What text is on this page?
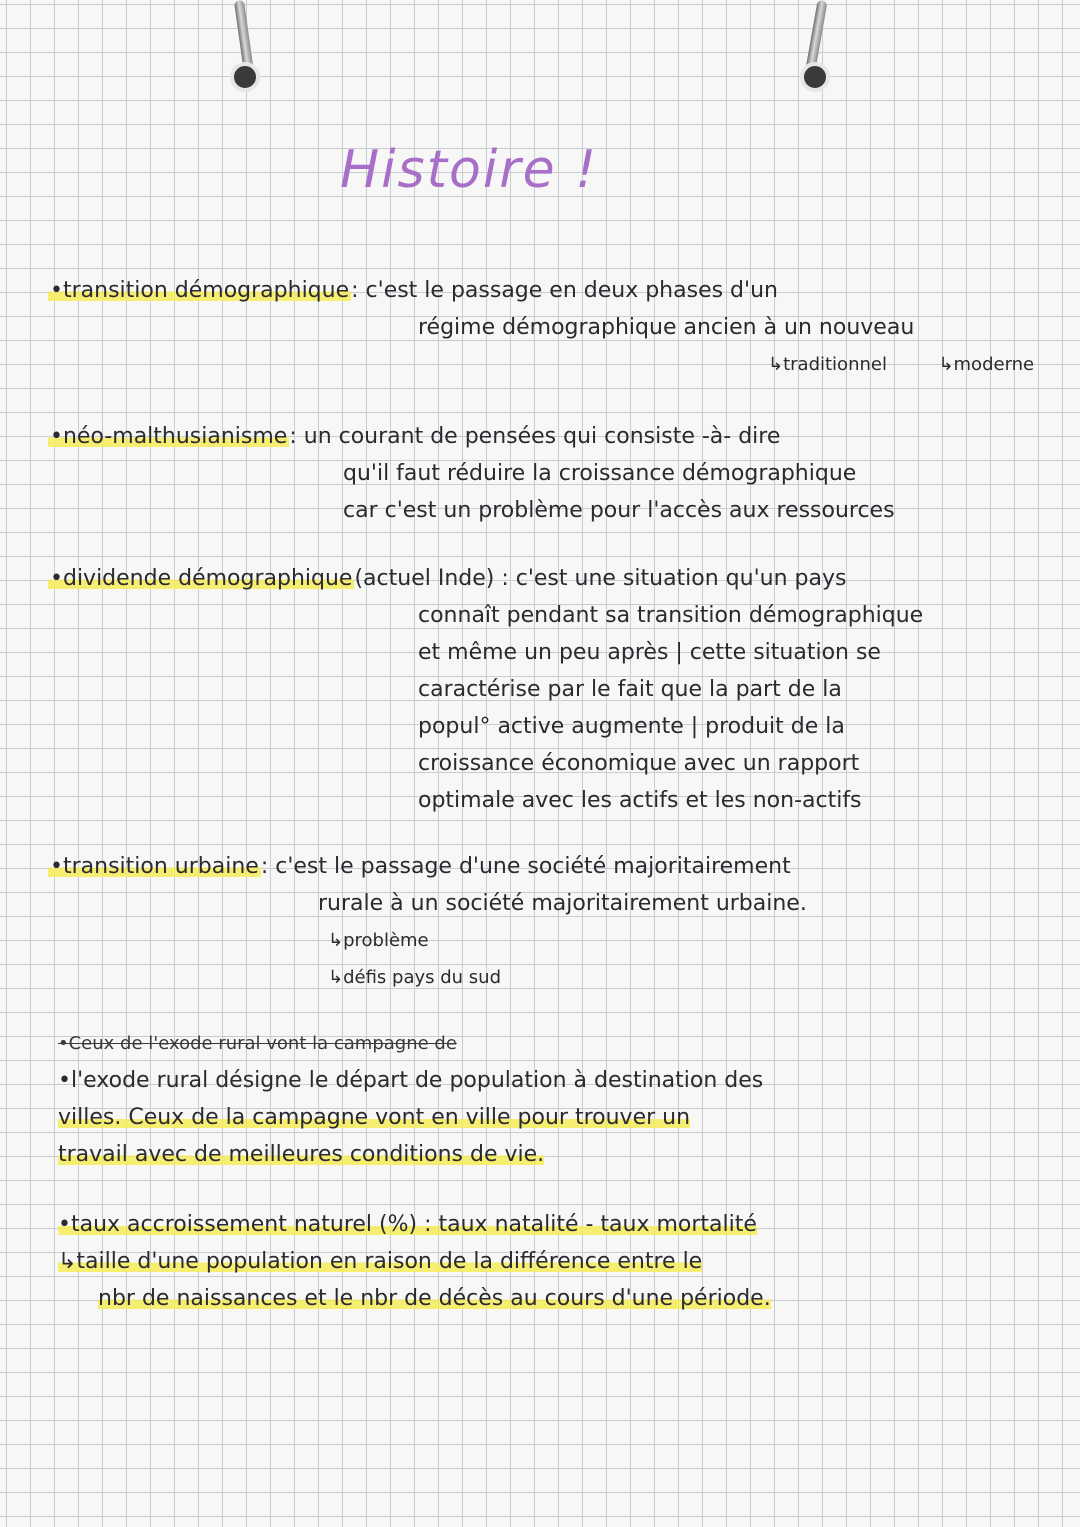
Histoire !
•transition démographique: c'est le passage en deux phases d'un
régime démographique ancien à un nouveau
↳traditionnel	↳moderne
•néo-malthusianisme: un courant de pensées qui consiste -à- dire
qu'il faut réduire la croissance démographique
car c'est un problème pour l'accès aux ressources
•dividende démographique(actuel Inde) : c'est une situation qu'un pays
connaît pendant sa transition démographique
et même un peu après | cette situation se
caractérise par le fait que la part de la
popul° active augmente | produit de la
croissance économique avec un rapport
optimale avec les actifs et les non-actifs
•transition urbaine: c'est le passage d'une société majoritairement
rurale à un société majoritairement urbaine.
↳problème
↳défis pays du sud
•Ceux de l'exode rural vont la campagne de
•l'exode rural désigne le départ de population à destination des
villes. Ceux de la campagne vont en ville pour trouver un
travail avec de meilleures conditions de vie.
•taux accroissement naturel (%) : taux natalité - taux mortalité
↳taille d'une population en raison de la différence entre le
nbr de naissances et le nbr de décès au cours d'une période.
